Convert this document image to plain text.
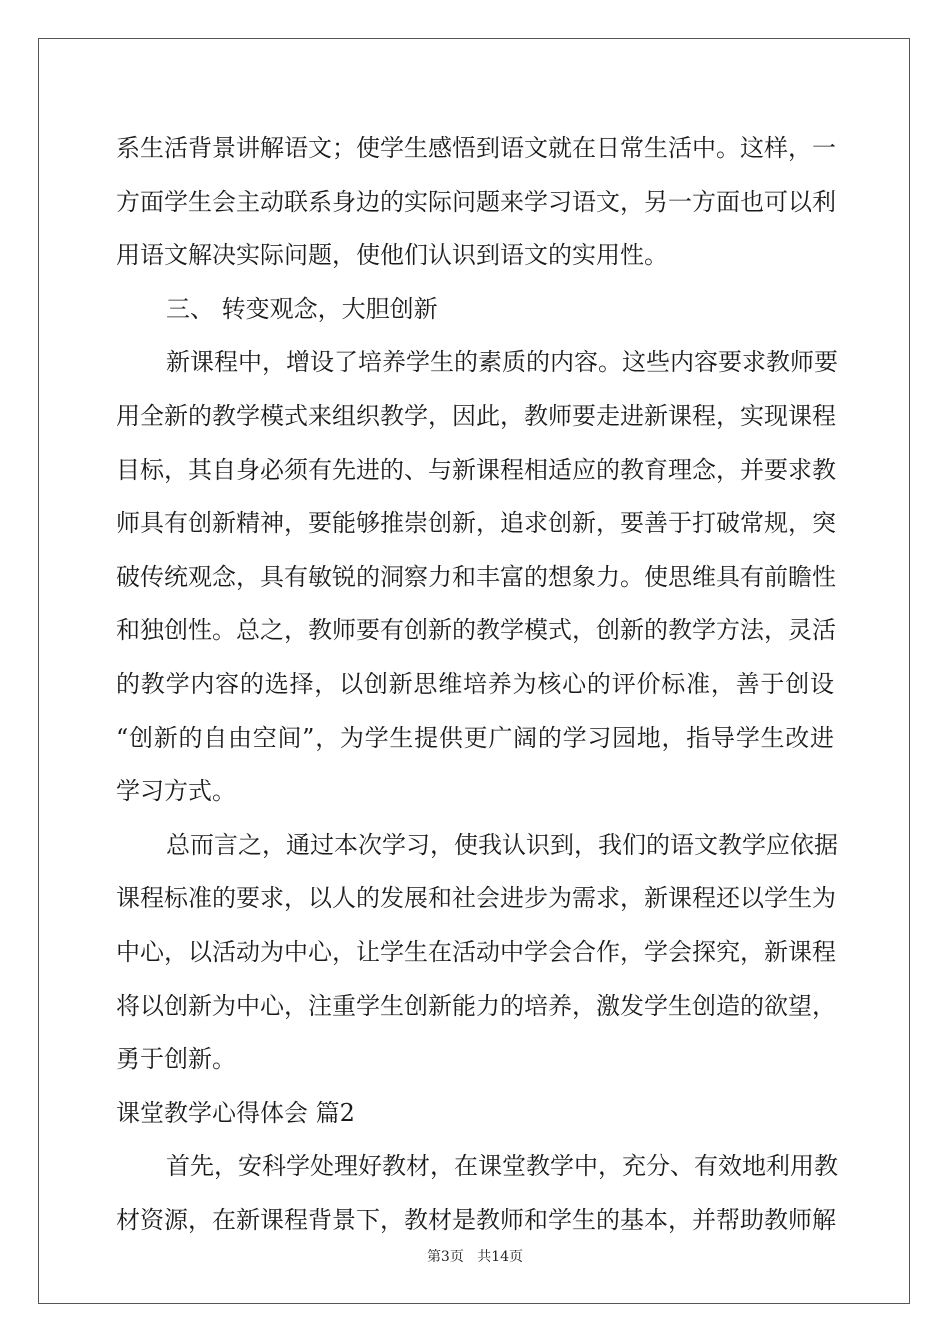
系生活背景讲解语文；使学生感悟到语文就在日常生活中。这样，一
方面学生会主动联系身边的实际问题来学习语文，另一方面也可以利
用语文解决实际问题，使他们认识到语文的实用性。
三、 转变观念，大胆创新
新课程中，增设了培养学生的素质的内容。这些内容要求教师要
用全新的教学模式来组织教学，因此，教师要走进新课程，实现课程
目标，其自身必须有先进的、与新课程相适应的教育理念，并要求教
师具有创新精神，要能够推崇创新，追求创新，要善于打破常规，突
破传统观念，具有敏锐的洞察力和丰富的想象力。使思维具有前瞻性
和独创性。总之，教师要有创新的教学模式，创新的教学方法，灵活
的教学内容的选择，以创新思维培养为核心的评价标准，善于创设
“创新的自由空间”，为学生提供更广阔的学习园地，指导学生改进
学习方式。
总而言之，通过本次学习，使我认识到，我们的语文教学应依据
课程标准的要求，以人的发展和社会进步为需求，新课程还以学生为
中心，以活动为中心，让学生在活动中学会合作，学会探究，新课程
将以创新为中心，注重学生创新能力的培养，激发学生创造的欲望，
勇于创新。
课堂教学心得体会 篇2
首先，安科学处理好教材，在课堂教学中，充分、有效地利用教
材资源，在新课程背景下，教材是教师和学生的基本，并帮助教师解
第3页 共14页
